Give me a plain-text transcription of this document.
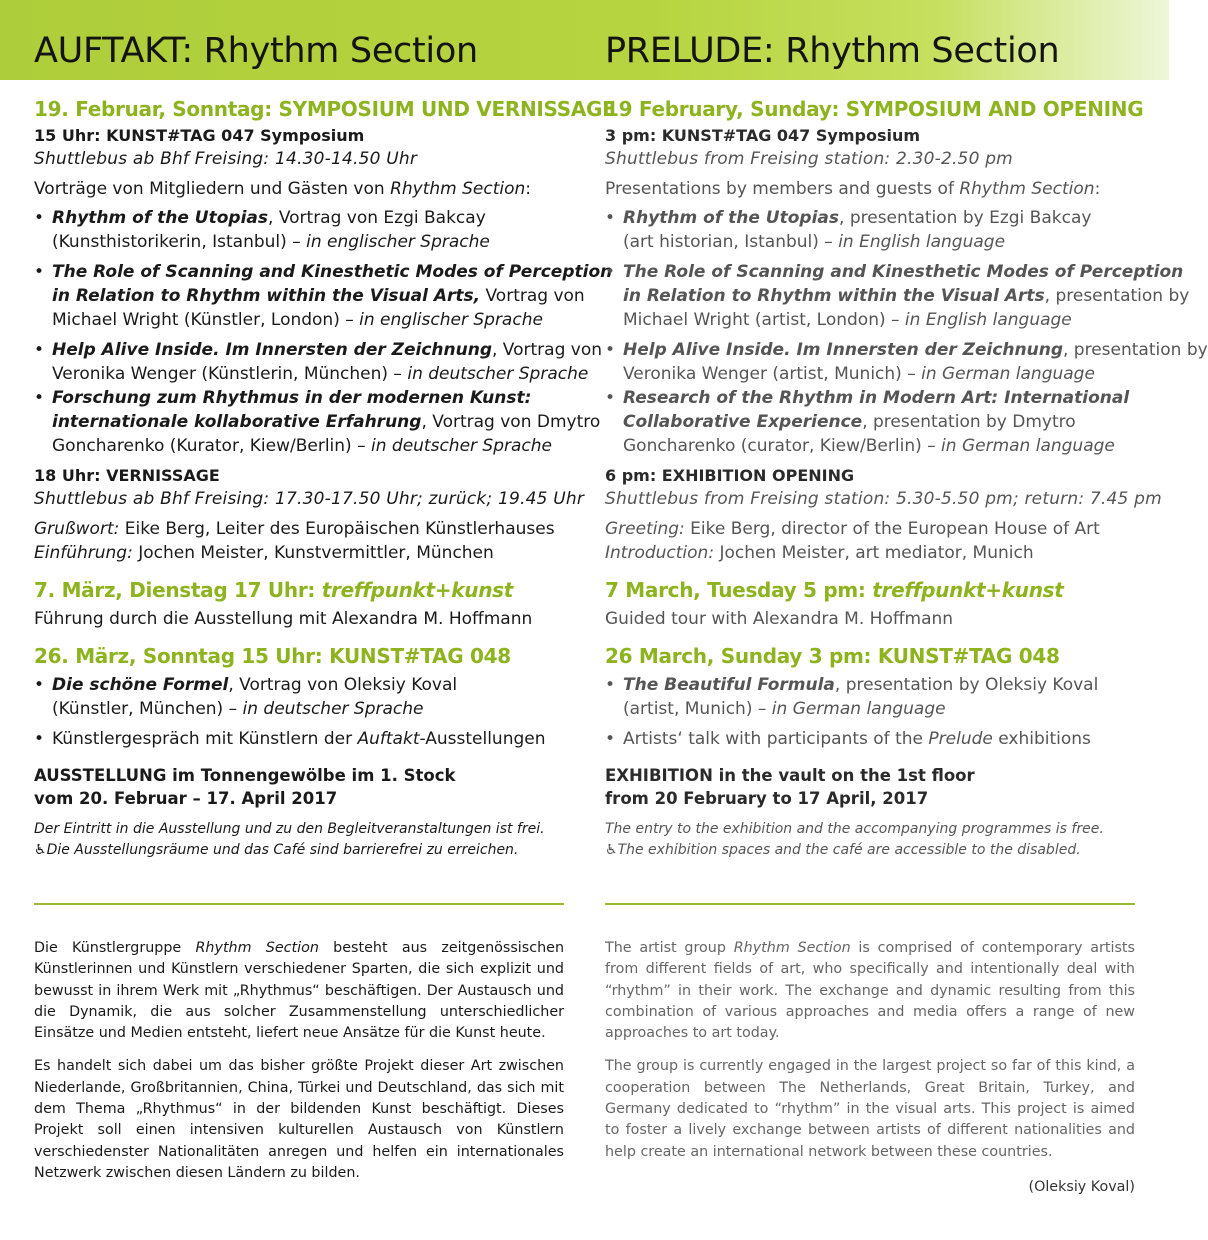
AUFTAKT: Rhythm Section	PRELUDE: Rhythm Section
19. Februar, Sonntag: SYMPOSIUM UND VERNISSAGE
15 Uhr: KUNST#TAG 047 Symposium
Shuttlebus ab Bhf Freising: 14.30-14.50 Uhr
Vorträge von Mitgliedern und Gästen von Rhythm Section:
• Rhythm of the Utopias, Vortrag von Ezgi Bakcay
(Kunsthistorikerin, Istanbul) – in englischer Sprache
• The Role of Scanning and Kinesthetic Modes of Perception
in Relation to Rhythm within the Visual Arts, Vortrag von
Michael Wright (Künstler, London) – in englischer Sprache
• Help Alive Inside. Im Innersten der Zeichnung, Vortrag von
Veronika Wenger (Künstlerin, München) – in deutscher Sprache
• Forschung zum Rhythmus in der modernen Kunst:
internationale kollaborative Erfahrung, Vortrag von Dmytro
Goncharenko (Kurator, Kiew/Berlin) – in deutscher Sprache
18 Uhr: VERNISSAGE
Shuttlebus ab Bhf Freising: 17.30-17.50 Uhr; zurück; 19.45 Uhr
Grußwort: Eike Berg, Leiter des Europäischen Künstlerhauses
Einführung: Jochen Meister, Kunstvermittler, München
7. März, Dienstag 17 Uhr: treffpunkt+kunst
Führung durch die Ausstellung mit Alexandra M. Hoffmann
26. März, Sonntag 15 Uhr: KUNST#TAG 048
• Die schöne Formel, Vortrag von Oleksiy Koval
(Künstler, München) – in deutscher Sprache
• Künstlergespräch mit Künstlern der Auftakt-Ausstellungen
AUSSTELLUNG im Tonnengewölbe im 1. Stock
vom 20. Februar – 17. April 2017
Der Eintritt in die Ausstellung und zu den Begleitveranstaltungen ist frei.
♿Die Ausstellungsräume und das Café sind barrierefrei zu erreichen.
19 February, Sunday: SYMPOSIUM AND OPENING
3 pm: KUNST#TAG 047 Symposium
Shuttlebus from Freising station: 2.30-2.50 pm
Presentations by members and guests of Rhythm Section:
• Rhythm of the Utopias, presentation by Ezgi Bakcay
(art historian, Istanbul) – in English language
• The Role of Scanning and Kinesthetic Modes of Perception
in Relation to Rhythm within the Visual Arts, presentation by
Michael Wright (artist, London) – in English language
• Help Alive Inside. Im Innersten der Zeichnung, presentation by
Veronika Wenger (artist, Munich) – in German language
• Research of the Rhythm in Modern Art: International
Collaborative Experience, presentation by Dmytro
Goncharenko (curator, Kiew/Berlin) – in German language
6 pm: EXHIBITION OPENING
Shuttlebus from Freising station: 5.30-5.50 pm; return: 7.45 pm
Greeting: Eike Berg, director of the European House of Art
Introduction: Jochen Meister, art mediator, Munich
7 March, Tuesday 5 pm: treffpunkt+kunst
Guided tour with Alexandra M. Hoffmann
26 March, Sunday 3 pm: KUNST#TAG 048
• The Beautiful Formula, presentation by Oleksiy Koval
(artist, Munich) – in German language
• Artists‘ talk with participants of the Prelude exhibitions
EXHIBITION in the vault on the 1st floor
from 20 February to 17 April, 2017
The entry to the exhibition and the accompanying programmes is free.
♿The exhibition spaces and the café are accessible to the disabled.

Die Künstlergruppe Rhythm Section besteht aus zeitgenössischen Künstlerinnen und Künstlern verschiedener Sparten, die sich explizit und bewusst in ihrem Werk mit „Rhythmus“ beschäftigen. Der Austausch und die Dynamik, die aus solcher Zusammenstellung unterschiedlicher Einsätze und Medien entsteht, liefert neue Ansätze für die Kunst heute.

Es handelt sich dabei um das bisher größte Projekt dieser Art zwischen Niederlande, Großbritannien, China, Türkei und Deutschland, das sich mit dem Thema „Rhythmus“ in der bildenden Kunst beschäftigt. Dieses Projekt soll einen intensiven kulturellen Austausch von Künstlern verschiedenster Nationalitäten anregen und helfen ein internationales Netzwerk zwischen diesen Ländern zu bilden.

The artist group Rhythm Section is comprised of contemporary artists from different fields of art, who specifically and intentionally deal with “rhythm” in their work. The exchange and dynamic resulting from this combination of various approaches and media offers a range of new approaches to art today.

The group is currently engaged in the largest project so far of this kind, a cooperation between The Netherlands, Great Britain, Turkey, and Germany dedicated to “rhythm” in the visual arts. This project is aimed to foster a lively exchange between artists of different nationalities and help create an international network between these countries.

(Oleksiy Koval)
